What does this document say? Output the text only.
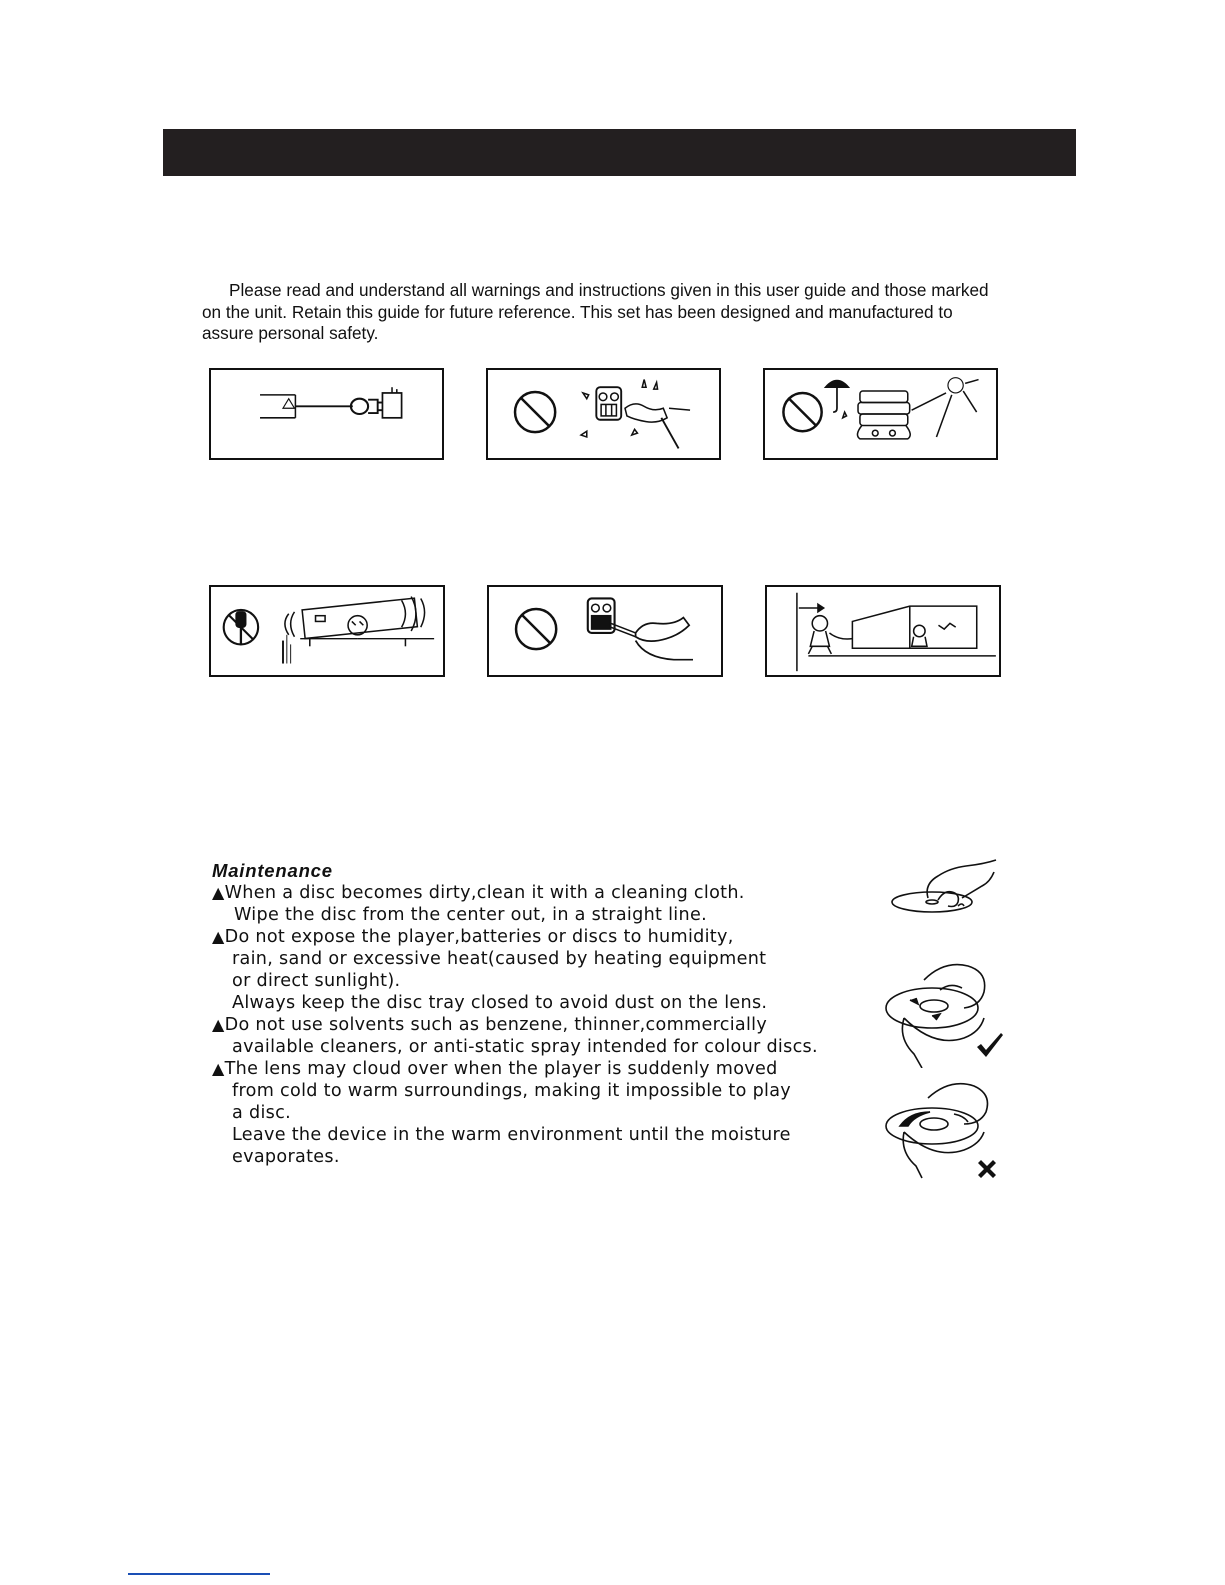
Please read and understand all warnings and instructions given in this user guide and those marked
on the unit. Retain this guide for future reference. This set has been designed and manufactured to
assure personal safety.

Maintenance
▲When a disc becomes dirty,clean it with a cleaning cloth.
Wipe the disc from the center out, in a straight line.
▲Do not expose the player,batteries or discs to humidity,
rain, sand or excessive heat(caused by heating equipment
or direct sunlight).
Always keep the disc tray closed to avoid dust on the lens.
▲Do not use solvents such as benzene, thinner,commercially
available cleaners, or anti-static spray intended for colour discs.
▲The lens may cloud over when the player is suddenly moved
from cold to warm surroundings, making it impossible to play
a disc.
Leave the device in the warm environment until the moisture
evaporates.
